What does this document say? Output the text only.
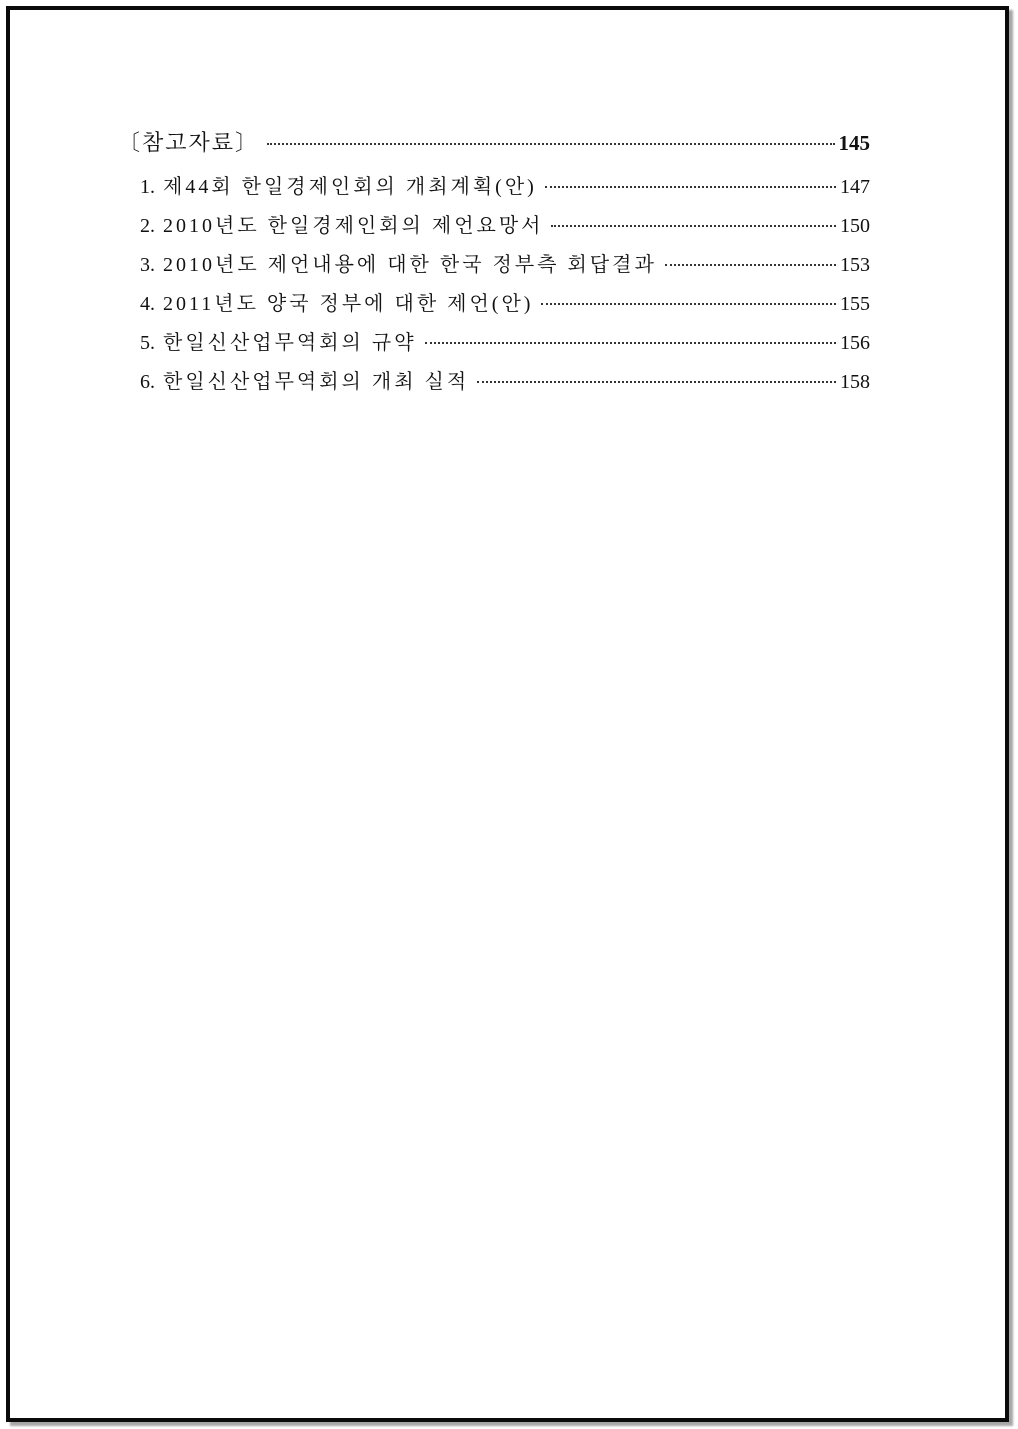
〔참고자료〕	145
1. 제44회 한일경제인회의 개최계획(안)	147
2. 2010년도 한일경제인회의 제언요망서	150
3. 2010년도 제언내용에 대한 한국 정부측 회답결과	153
4. 2011년도 양국 정부에 대한 제언(안)	155
5. 한일신산업무역회의 규약	156
6. 한일신산업무역회의 개최 실적	158
